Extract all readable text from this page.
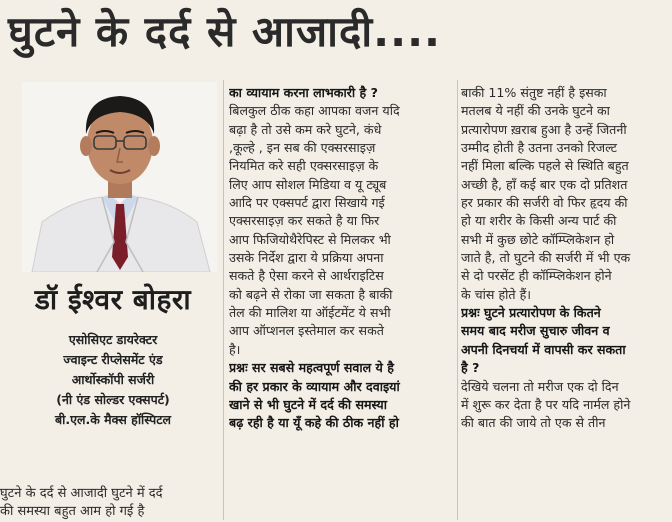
घुटने के दर्द से आजादी....
डॉ ईश्वर बोहरा
एसोसिएट डायरेक्टर
ज्वाइन्ट रीप्लेसमेंट एंड
आर्थोस्कॉपी सर्जरी
(नी एंड सोल्डर एक्सपर्ट)
बी.एल.के मैक्स हॉस्पिटल
घुटने के दर्द से आजादी घुटने में दर्द
की समस्या बहुत आम हो गई है
का व्यायाम करना लाभकारी है ?
बिलकुल ठीक कहा आपका वजन यदि
बढ़ा है तो उसे कम करे घुटने, कंधे
,कूल्हे , इन सब की एक्सरसाइज़
नियमित करे सही एक्सरसाइज़ के
लिए आप सोशल मिडिया व यू ट्यूब
आदि पर एक्सपर्ट द्वारा सिखाये गई
एक्सरसाइज़ कर सकते है या फिर
आप फिजियोथैरेपिस्ट से मिलकर भी
उसके निर्देश द्वारा ये प्रक्रिया अपना
सकते है ऐसा करने से आर्थराइटिस
को बढ़ने से रोका जा सकता है बाकी
तेल की मालिश या ऑईटमेंट ये सभी
आप ऑप्शनल इस्तेमाल कर सकते
है।
प्रश्नः सर सबसे महत्वपूर्ण सवाल ये है
की हर प्रकार के व्यायाम और दवाइयां
खाने से भी घुटने में दर्द की समस्या
बढ़ रही है या यूँ कहे की ठीक नहीं हो
बाकी 11% संतुष्ट नहीं है इसका
मतलब ये नहीं की उनके घुटने का
प्रत्यारोपण ख़राब हुआ है उन्हें जितनी
उम्मीद होती है उतना उनको रिजल्ट
नहीं मिला बल्कि पहले से स्थिति बहुत
अच्छी है, हाँ कई बार एक दो प्रतिशत
हर प्रकार की सर्जरी वो फिर हृदय की
हो या शरीर के किसी अन्य पार्ट की
सभी में कुछ छोटे कॉम्प्लिकेशन हो
जाते है, तो घुटने की सर्जरी में भी एक
से दो परसेंट ही कॉम्प्लिकेशन होने
के चांस होते हैं।
प्रश्नः घुटने प्रत्यारोपण के कितने
समय बाद मरीज सुचारु जीवन व
अपनी दिनचर्या में वापसी कर सकता
है ?
देखिये चलना तो मरीज एक दो दिन
में शुरू कर देता है पर यदि नार्मल होने
की बात की जाये तो एक से तीन
